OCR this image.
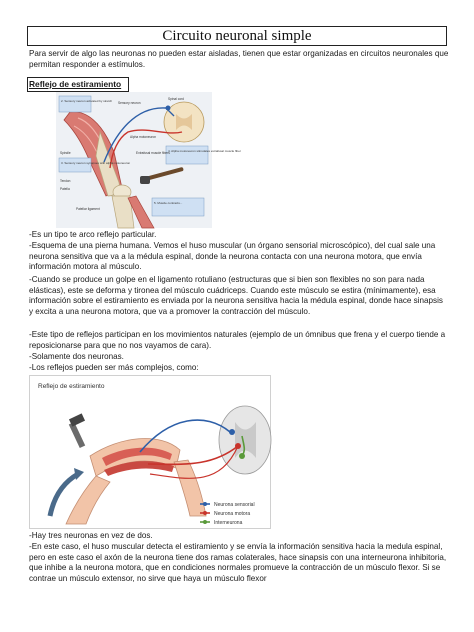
Circuito neuronal simple

Para servir de algo las neuronas no pueden estar aisladas, tienen que estar organizadas en circuitos neuronales que permitan responder a estímulos.

Reflejo de estiramiento
2. Sensory neuron activated by stretch
4. Alpha motoneuron stimulates extrafusal muscle fiber
3. Sensory neuron synapses with alpha motoneuron
5. Muscle contracts...
Sensory neuron
Spinal cord
Alpha motoneuron
Spindle	Extrafusal muscle fibers
Tendon
Patella
Patellar ligament

-Es un tipo te arco reflejo particular.

-Esquema de una pierna humana. Vemos el huso muscular (un órgano sensorial microscópico), del cual sale una neurona sensitiva que va a la médula espinal, donde la neurona contacta con una neurona motora, que envía información motora al músculo.

-Cuando se produce un golpe en el ligamento rotuliano (estructuras que si bien son flexibles no son para nada elásticas), este se deforma y tironea del músculo cuádriceps. Cuando este músculo se estira (mínimamente), esa información sobre el estiramiento es enviada por la neurona sensitiva hacia la médula espinal, donde hace sinapsis y excita a una neurona motora, que va a promover la contracción del músculo.

-Este tipo de reflejos participan en los movimientos naturales (ejemplo de un ómnibus que frena y el cuerpo tiende a reposicionarse para que no nos vayamos de cara).

-Solamente dos neuronas.

-Los reflejos pueden ser más complejos, como:

Reflejo de estiramiento
Neurona sensorial
Neurona motora
Interneurona

-Hay tres neuronas en vez de dos.

-En este caso, el huso muscular detecta el estiramiento y se envía la información sensitiva hacia la medula espinal, pero en este caso el axón de la neurona tiene dos ramas colaterales, hace sinapsis con una interneurona inhibitoria, que inhibe a la neurona motora, que en condiciones normales promueve la contracción de un músculo flexor. Si se contrae un músculo extensor, no sirve que haya un músculo flexor
